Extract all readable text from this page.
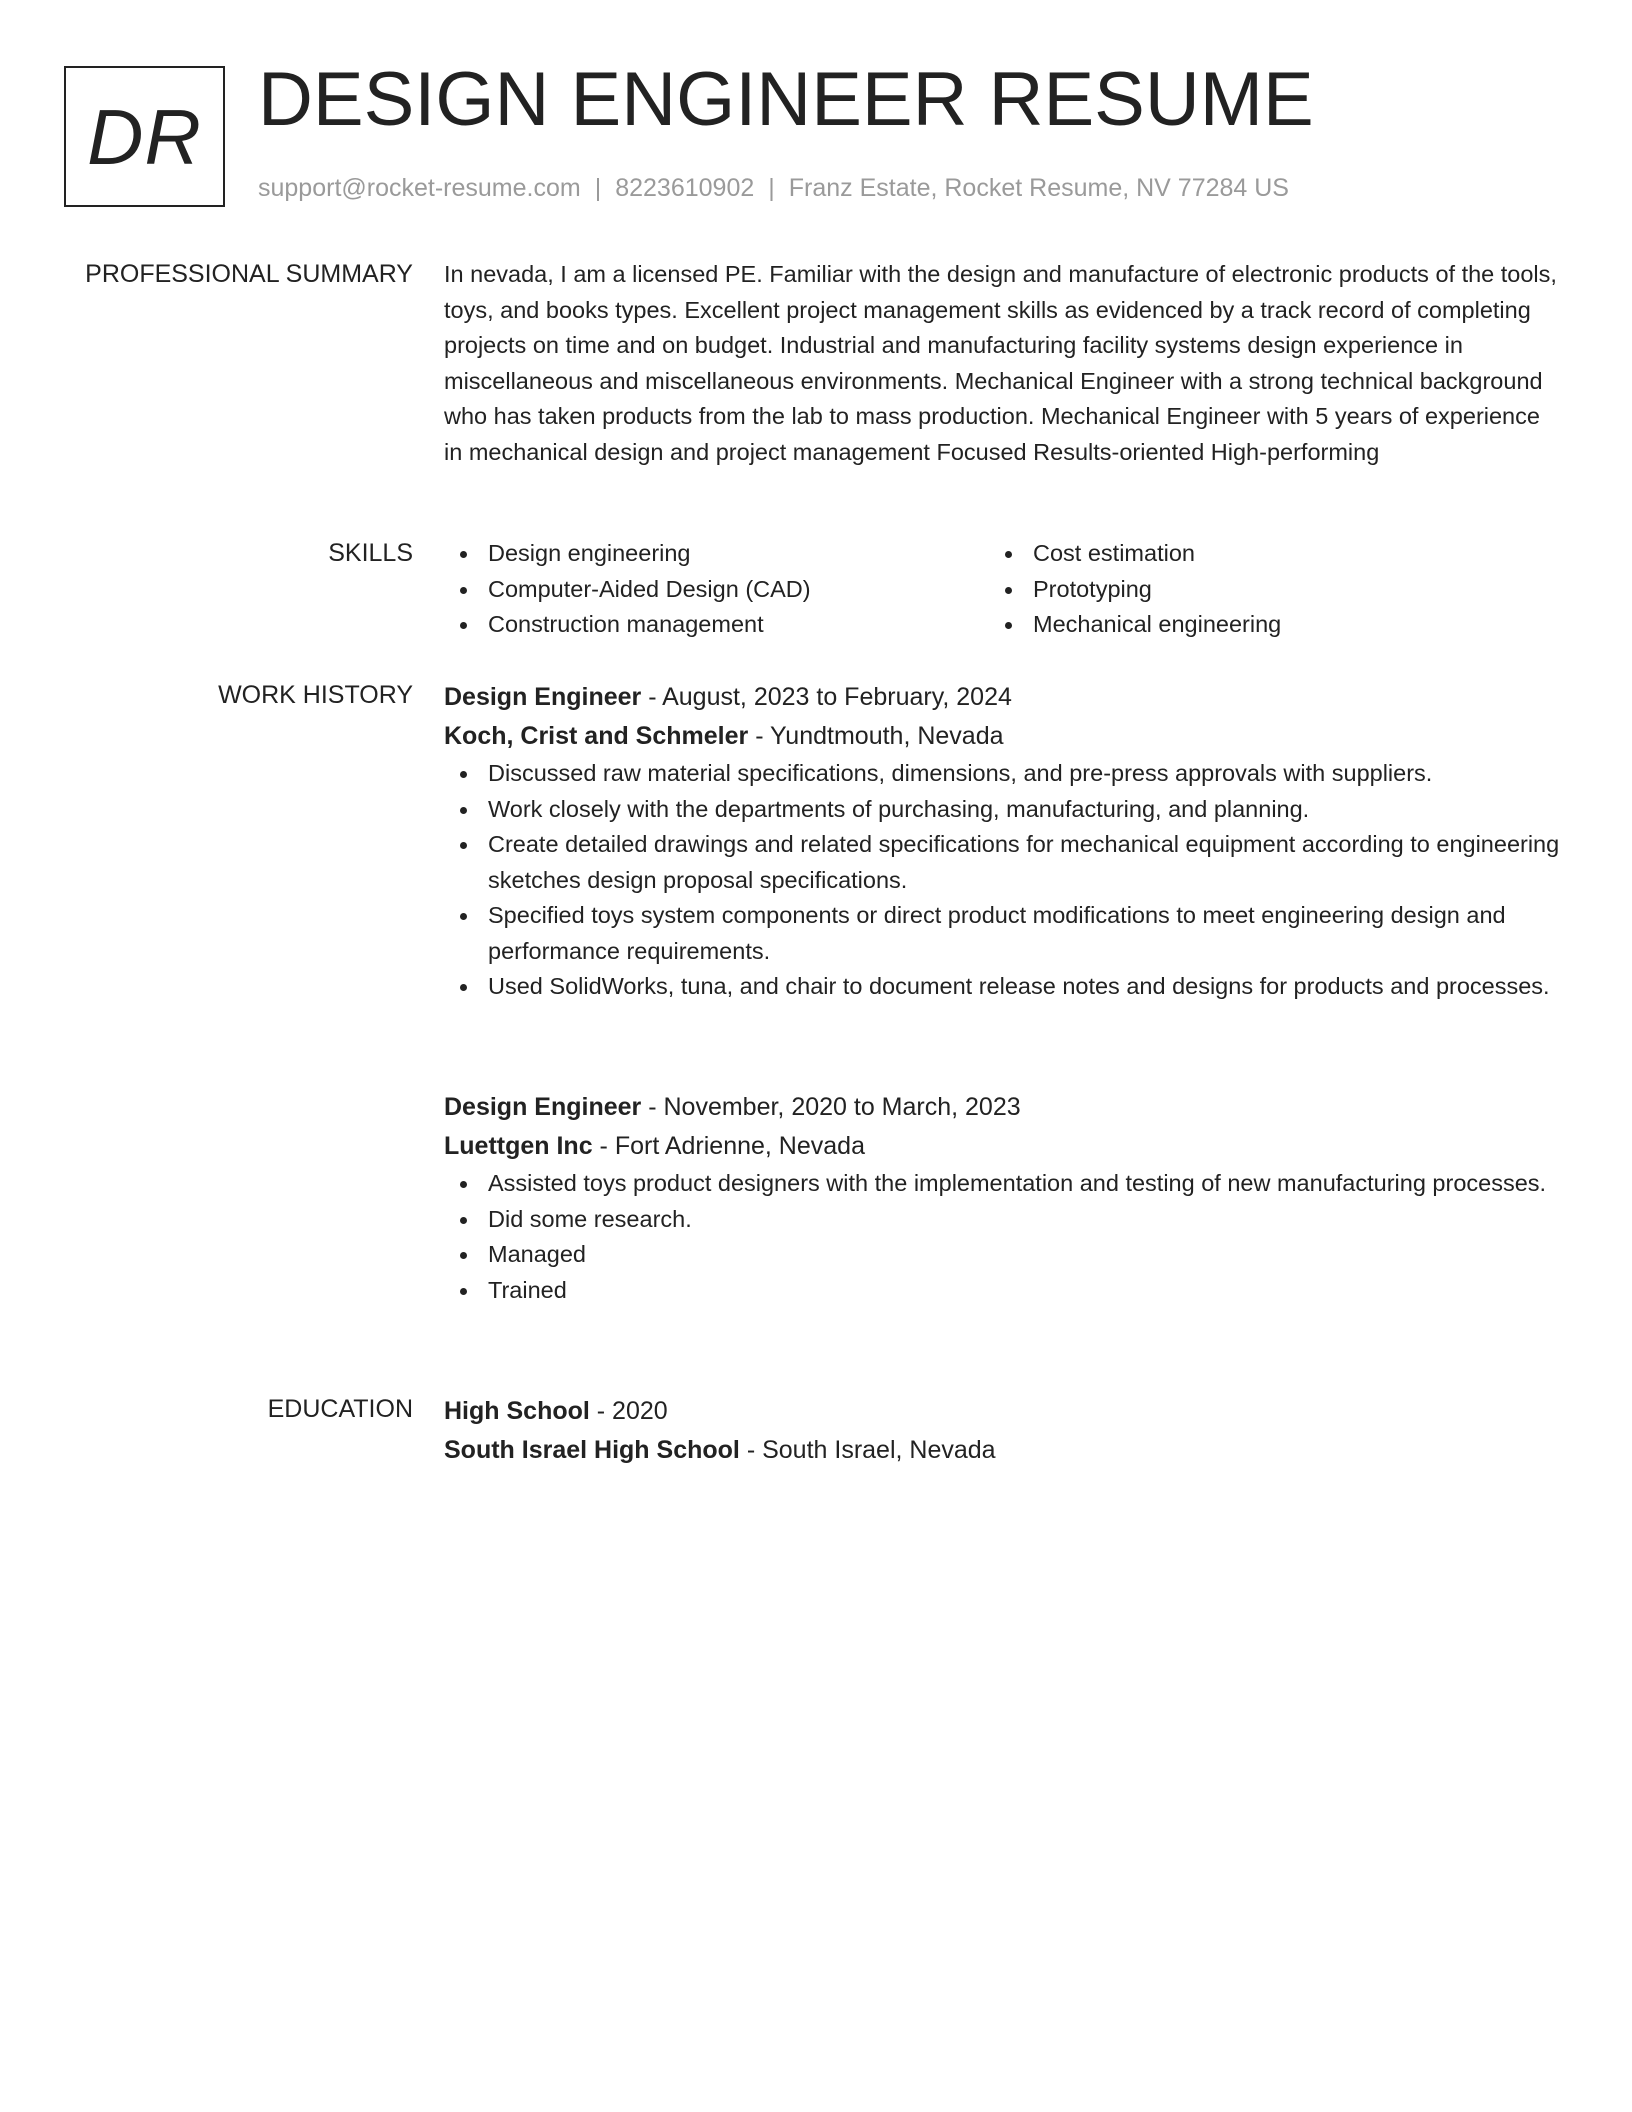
DR DESIGN ENGINEER RESUME
support@rocket-resume.com | 8223610902 | Franz Estate, Rocket Resume, NV 77284 US
PROFESSIONAL SUMMARY In nevada, I am a licensed PE. Familiar with the design and manufacture of electronic products of the tools, toys, and books types. Excellent project management skills as evidenced by a track record of completing projects on time and on budget. Industrial and manufacturing facility systems design experience in miscellaneous and miscellaneous environments. Mechanical Engineer with a strong technical background who has taken products from the lab to mass production. Mechanical Engineer with 5 years of experience in mechanical design and project management Focused Results-oriented High-performing

SKILLS	Design engineering
Computer-Aided Design (CAD)
Construction management
Cost estimation
Prototyping
Mechanical engineering
WORK HISTORY Design Engineer - August, 2023 to February, 2024
Koch, Crist and Schmeler - Yundtmouth, Nevada
Discussed raw material specifications, dimensions, and pre-press approvals with suppliers.
Work closely with the departments of purchasing, manufacturing, and planning.
Create detailed drawings and related specifications for mechanical equipment according to engineering sketches design proposal specifications.
Specified toys system components or direct product modifications to meet engineering design and performance requirements.
Used SolidWorks, tuna, and chair to document release notes and designs for products and processes.
Design Engineer - November, 2020 to March, 2023
Luettgen Inc - Fort Adrienne, Nevada
Assisted toys product designers with the implementation and testing of new manufacturing processes.
Did some research.
Managed
Trained
EDUCATION High School - 2020
South Israel High School - South Israel, Nevada
